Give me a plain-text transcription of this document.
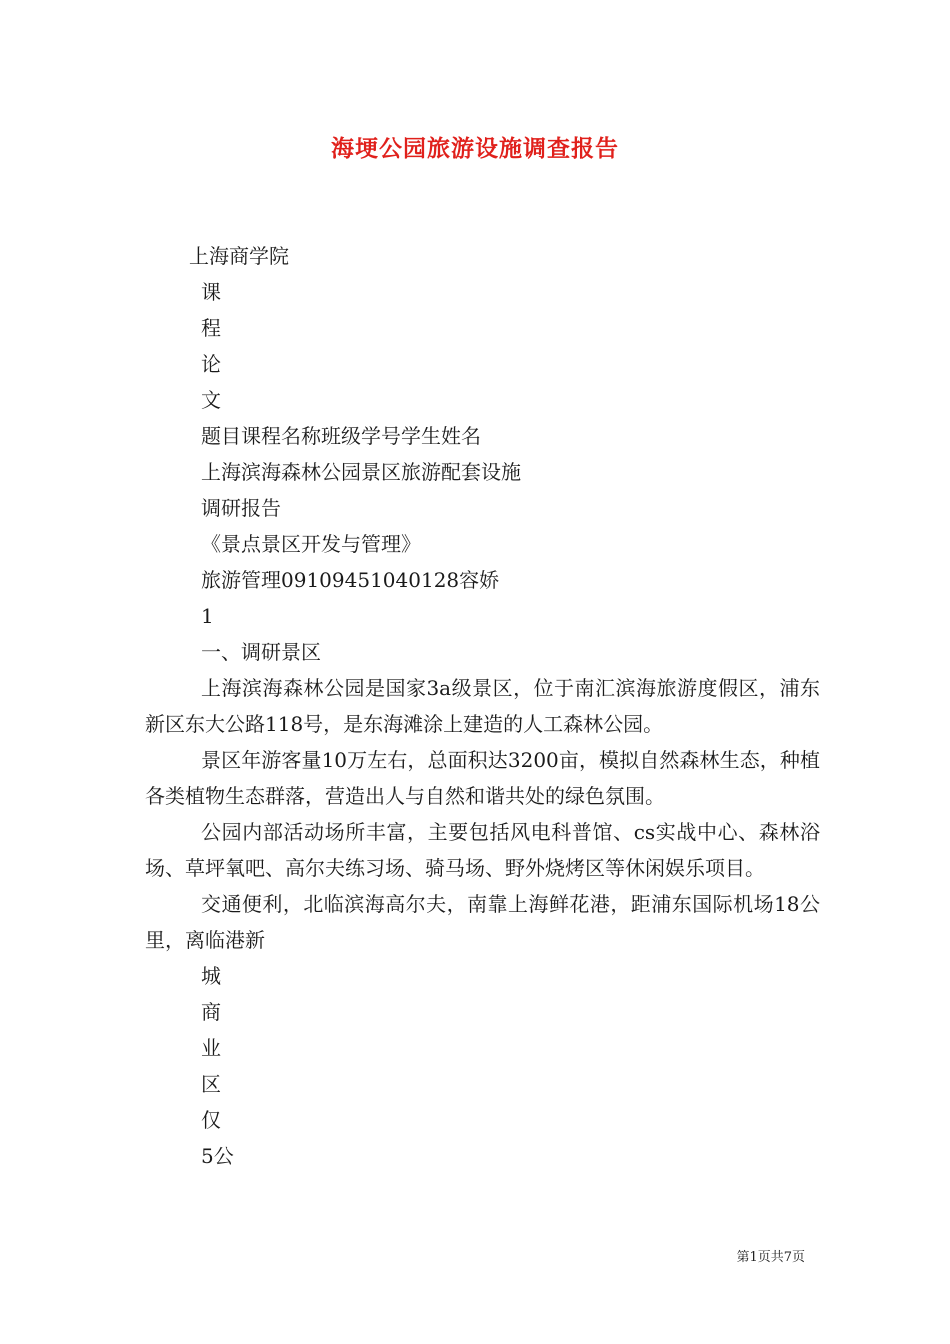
海埂公园旅游设施调查报告
上海商学院
课
程
论
文
题目课程名称班级学号学生姓名
上海滨海森林公园景区旅游配套设施
调研报告
《景点景区开发与管理》
旅游管理09109451040128容娇
1
一、调研景区
上海滨海森林公园是国家3a级景区，位于南汇滨海旅游度假区，浦东新区东大公路118号，是东海滩涂上建造的人工森林公园。
景区年游客量10万左右，总面积达3200亩，模拟自然森林生态，种植各类植物生态群落，营造出人与自然和谐共处的绿色氛围。
公园内部活动场所丰富，主要包括风电科普馆、cs实战中心、森林浴场、草坪氧吧、高尔夫练习场、骑马场、野外烧烤区等休闲娱乐项目。
交通便利，北临滨海高尔夫，南靠上海鲜花港，距浦东国际机场18公里，离临港新
城
商
业
区
仅
5公
第1页共7页
